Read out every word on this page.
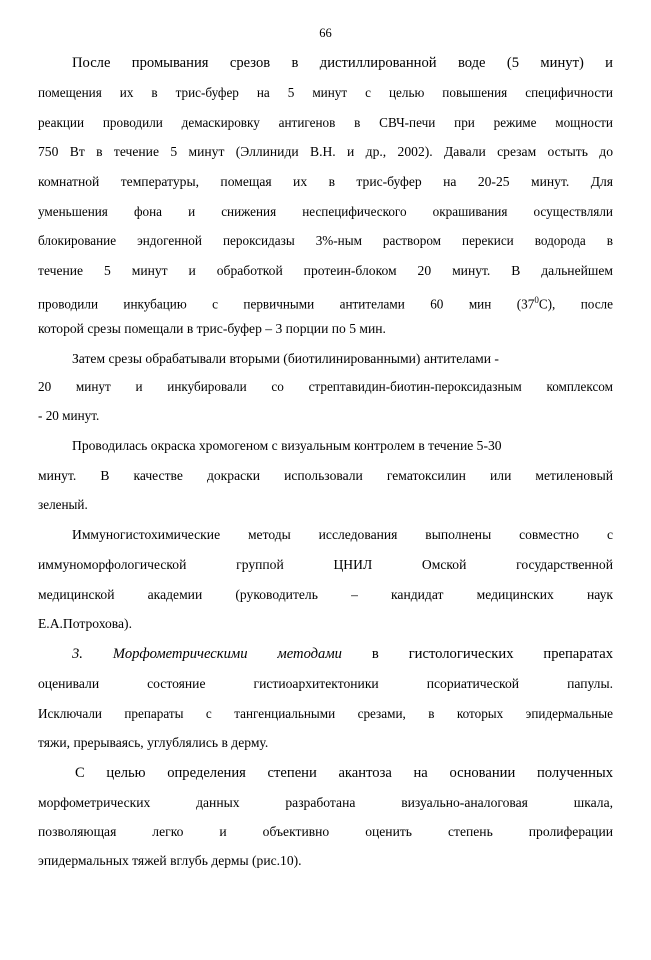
66
После промывания срезов в дистиллированной воде (5 минут) и
помещения их в трис-буфер на 5 минут с целью повышения специфичности
реакции проводили демаскировку антигенов в СВЧ-печи при режиме мощности
750 Вт в течение 5 минут (Эллиниди В.Н. и др., 2002). Давали срезам остыть до
комнатной температуры, помещая их в трис-буфер на 20-25 минут. Для
уменьшения фона и снижения неспецифического окрашивания осуществляли
блокирование эндогенной пероксидазы 3%-ным раствором перекиси водорода в
течение 5 минут и обработкой протеин-блоком 20 минут. В дальнейшем
проводили инкубацию с первичными антителами 60 мин $(37^0С)$, после
которой срезы помещали в трис-буфер – 3 порции по 5 мин.
Затем срезы обрабатывали вторыми (биотилинированными) антителами -
20 минут и инкубировали со стрептавидин-биотин-пероксидазным комплексом
- 20 минут.
Проводилась окраска хромогеном с визуальным контролем в течение 5-30
минут. В качестве докраски использовали гематоксилин или метиленовый
зеленый.
Иммуногистохимические методы исследования выполнены совместно с
иммуноморфологической группой ЦНИЛ Омской государственной
медицинской академии (руководитель – кандидат медицинских наук
Е.А.Потрохова).
3. Морфометрическими методами в гистологических препаратах
оценивали состояние гистиоархитектоники псориатической папулы.
Исключали препараты с тангенциальными срезами, в которых эпидермальные
тяжи, прерываясь, углублялись в дерму.
С целью определения степени акантоза на основании полученных
морфометрических данных разработана визуально-аналоговая шкала,
позволяющая легко и объективно оценить степень пролиферации
эпидермальных тяжей вглубь дермы (рис.10).
